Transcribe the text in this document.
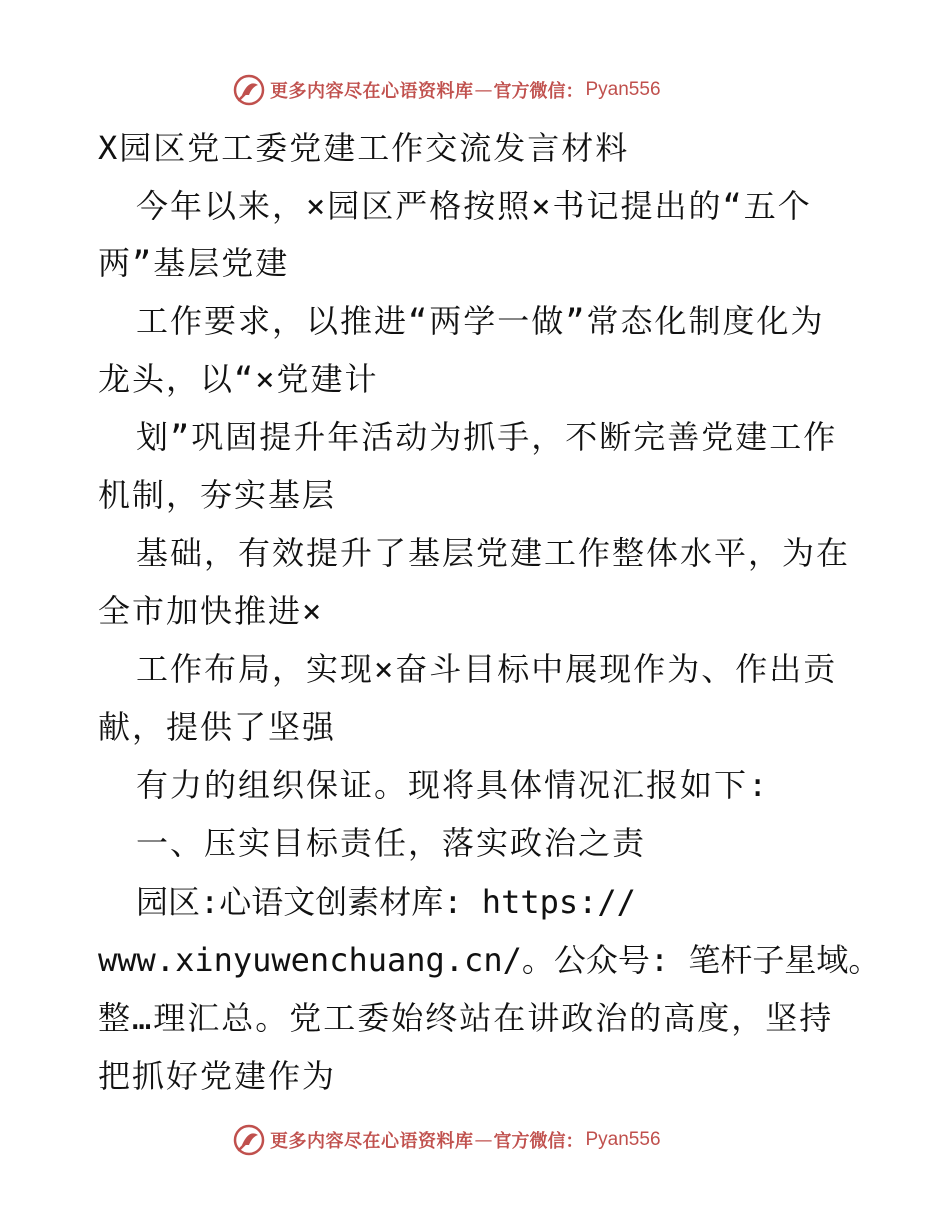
更多内容尽在心语资料库 — 官方微信： Pyan556
X园区党工委党建工作交流发言材料
今年以来，×园区严格按照×书记提出的“五个
两”基层党建
工作要求，以推进“两学一做”常态化制度化为
龙头，以“×党建计
划”巩固提升年活动为抓手，不断完善党建工作
机制，夯实基层
基础，有效提升了基层党建工作整体水平，为在
全市加快推进×
工作布局，实现×奋斗目标中展现作为、作出贡
献，提供了坚强
有力的组织保证。现将具体情况汇报如下:
一、压实目标责任，落实政治之责
园区:心语文创素材库: https://
www.xinyuwenchuang.cn/。公众号: 笔杆子星域。
整…理汇总。党工委始终站在讲政治的高度，坚持
把抓好党建作为
更多内容尽在心语资料库 — 官方微信： Pyan556
